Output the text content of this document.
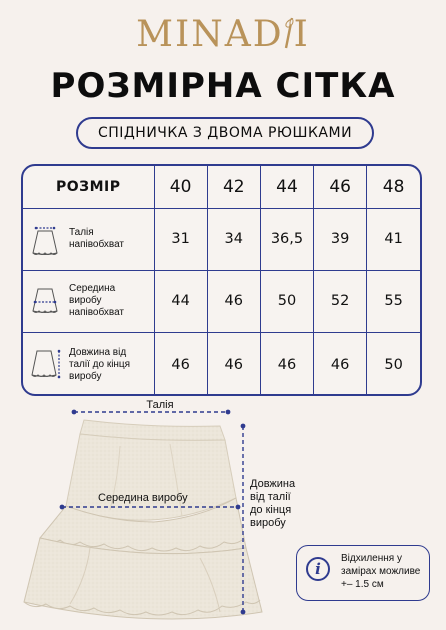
MINAD I
РОЗМІРНА СІТКА
СПІДНИЧКА З ДВОМА РЮШКАМИ
РОЗМІР	40	42	44	46	48

Талія напівобхват	31	34	36,5	39	41

Середина виробу напівобхват	44	46	50	52	55

Довжина від талії до кінця виробу	46	46	46	46	50
Талія
Середина виробу
Довжина від талії до кінця виробу
i
Відхилення у замірах можливе +– 1.5 см
